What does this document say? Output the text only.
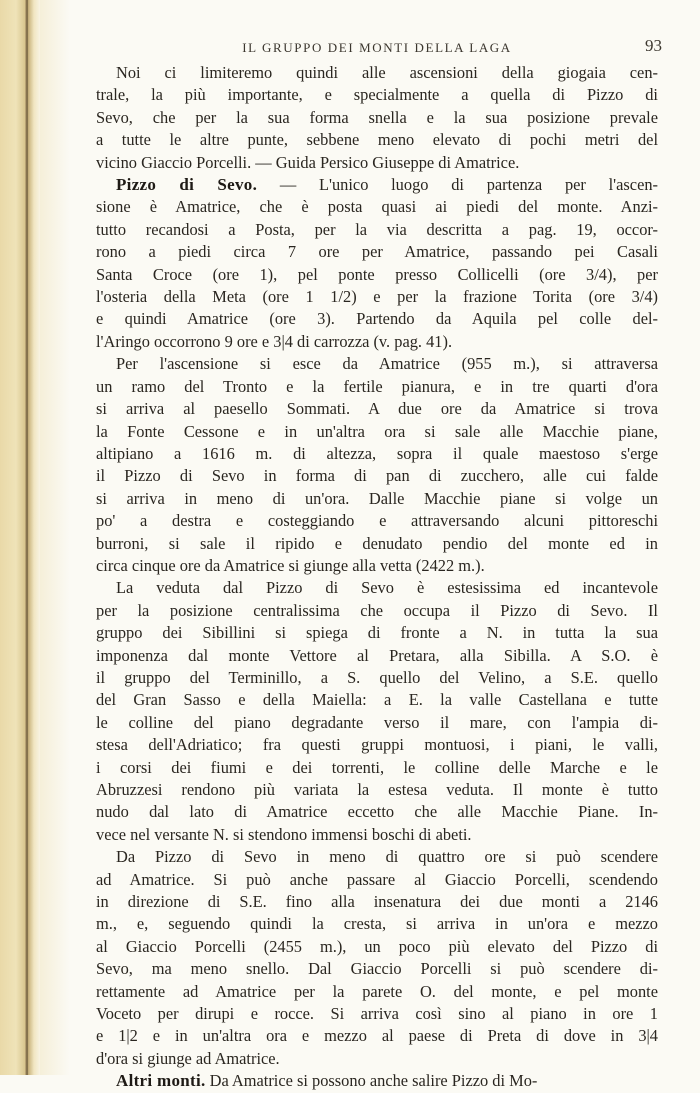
IL GRUPPO DEI MONTI DELLA LAGA	93

Noi ci limiteremo quindi alle ascensioni della giogaia cen-

trale, la più importante, e specialmente a quella di Pizzo di

Sevo, che per la sua forma snella e la sua posizione prevale

a tutte le altre punte, sebbene meno elevato di pochi metri del

vicino Giaccio Porcelli. — Guida Persico Giuseppe di Amatrice.

Pizzo di Sevo. — L'unico luogo di partenza per l'ascen-

sione è Amatrice, che è posta quasi ai piedi del monte. Anzi-

tutto recandosi a Posta, per la via descritta a pag. 19, occor-

rono a piedi circa 7 ore per Amatrice, passando pei Casali

Santa Croce (ore 1), pel ponte presso Collicelli (ore 3/4), per

l'osteria della Meta (ore 1 1/2) e per la frazione Torita (ore 3/4)

e quindi Amatrice (ore 3). Partendo da Aquila pel colle del-

l'Aringo occorrono 9 ore e 3|4 di carrozza (v. pag. 41).

Per l'ascensione si esce da Amatrice (955 m.), si attraversa

un ramo del Tronto e la fertile pianura, e in tre quarti d'ora

si arriva al paesello Sommati. A due ore da Amatrice si trova

la Fonte Cessone e in un'altra ora si sale alle Macchie piane,

altipiano a 1616 m. di altezza, sopra il quale maestoso s'erge

il Pizzo di Sevo in forma di pan di zucchero, alle cui falde

si arriva in meno di un'ora. Dalle Macchie piane si volge un

po' a destra e costeggiando e attraversando alcuni pittoreschi

burroni, si sale il ripido e denudato pendio del monte ed in

circa cinque ore da Amatrice si giunge alla vetta (2422 m.).

La veduta dal Pizzo di Sevo è estesissima ed incantevole

per la posizione centralissima che occupa il Pizzo di Sevo. Il

gruppo dei Sibillini si spiega di fronte a N. in tutta la sua

imponenza dal monte Vettore al Pretara, alla Sibilla. A S.O. è

il gruppo del Terminillo, a S. quello del Velino, a S.E. quello

del Gran Sasso e della Maiella: a E. la valle Castellana e tutte

le colline del piano degradante verso il mare, con l'ampia di-

stesa dell'Adriatico; fra questi gruppi montuosi, i piani, le valli,

i corsi dei fiumi e dei torrenti, le colline delle Marche e le

Abruzzesi rendono più variata la estesa veduta. Il monte è tutto

nudo dal lato di Amatrice eccetto che alle Macchie Piane. In-

vece nel versante N. si stendono immensi boschi di abeti.

Da Pizzo di Sevo in meno di quattro ore si può scendere

ad Amatrice. Si può anche passare al Giaccio Porcelli, scendendo

in direzione di S.E. fino alla insenatura dei due monti a 2146

m., e, seguendo quindi la cresta, si arriva in un'ora e mezzo

al Giaccio Porcelli (2455 m.), un poco più elevato del Pizzo di

Sevo, ma meno snello. Dal Giaccio Porcelli si può scendere di-

rettamente ad Amatrice per la parete O. del monte, e pel monte

Voceto per dirupi e rocce. Si arriva così sino al piano in ore 1

e 1|2 e in un'altra ora e mezzo al paese di Preta di dove in 3|4

d'ora si giunge ad Amatrice.

Altri monti. Da Amatrice si possono anche salire Pizzo di Mo-
